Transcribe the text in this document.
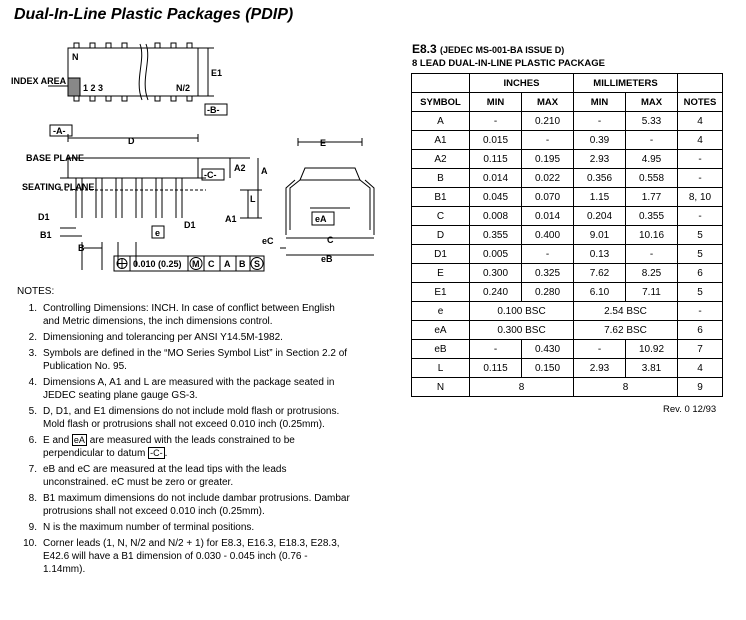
Dual-In-Line Plastic Packages (PDIP)
INDEX AREA
N
1 2 3	N/2
E1
-B-
-A-
D
BASE PLANE
SEATING PLANE
-C-
A2 A
L
A1
D1
D1
B1
B
e
E
eA
C
eC
eB
0.010 (0.25) M C A B S
NOTES:
1. Controlling Dimensions: INCH. In case of conflict between English and Metric dimensions, the inch dimensions control.
2. Dimensioning and tolerancing per ANSI Y14.5M-1982.
3. Symbols are defined in the “MO Series Symbol List” in Section 2.2 of Publication No. 95.
4. Dimensions A, A1 and L are measured with the package seated in JEDEC seating plane gauge GS-3.
5. D, D1, and E1 dimensions do not include mold flash or protrusions. Mold flash or protrusions shall not exceed 0.010 inch (0.25mm).
6. E and eA are measured with the leads constrained to be perpendicular to datum -C- .
7. eB and eC are measured at the lead tips with the leads unconstrained. eC must be zero or greater.
8. B1 maximum dimensions do not include dambar protrusions. Dambar protrusions shall not exceed 0.010 inch (0.25mm).
9. N is the maximum number of terminal positions.
10. Corner leads (1, N, N/2 and N/2 + 1) for E8.3, E16.3, E18.3, E28.3, E42.6 will have a B1 dimension of 0.030 - 0.045 inch (0.76 - 1.14mm).
E8.3 (JEDEC MS-001-BA ISSUE D)
8 LEAD DUAL-IN-LINE PLASTIC PACKAGE
	INCHES		MILLIMETERS		
SYMBOL	MIN	MAX	MIN	MAX	NOTES
A	-	0.210	-	5.33	4
A1	0.015	-	0.39	-	4
A2	0.115	0.195	2.93	4.95	-
B	0.014	0.022	0.356	0.558	-
B1	0.045	0.070	1.15	1.77	8, 10
C	0.008	0.014	0.204	0.355	-
D	0.355	0.400	9.01	10.16	5
D1	0.005	-	0.13	-	5
E	0.300	0.325	7.62	8.25	6
E1	0.240	0.280	6.10	7.11	5
e	0.100 BSC		2.54 BSC		-
eA	0.300 BSC		7.62 BSC		6
eB	-	0.430	-	10.92	7
L	0.115	0.150	2.93	3.81	4
N	8		8		9
Rev. 0 12/93
